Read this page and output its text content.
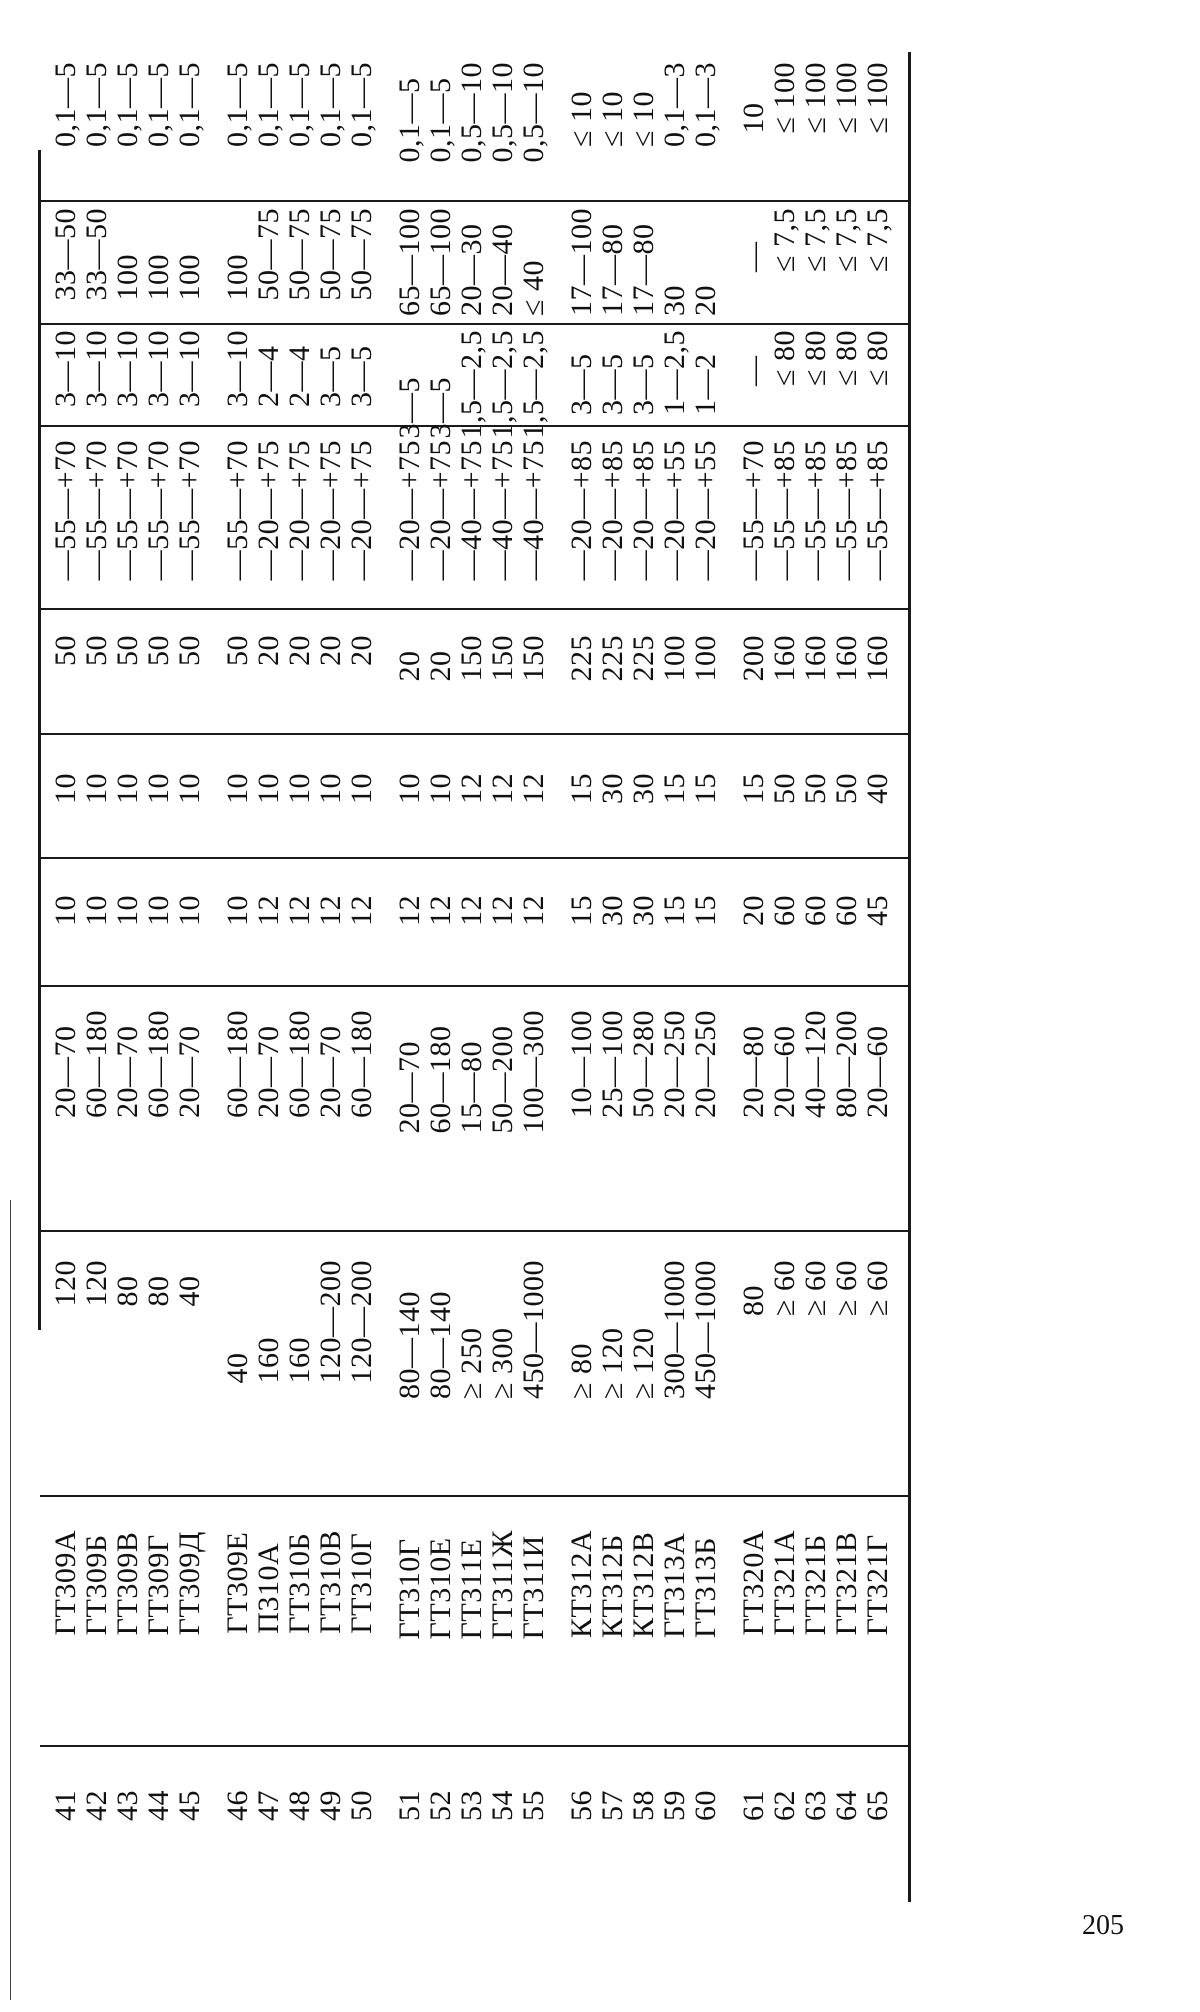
0,1—5
0,1—5
0,1—5
0,1—5
0,1—5 0,1—5
0,1—5
0,1—5
0,1—5
0,1—5 0,1—5
0,1—5
0,5—10
0,5—10
0,5—10 ≤ 10
≤ 10
≤ 10
0,1—3
0,1—3 10
≤ 100
≤ 100
≤ 100
≤ 100
33—50
33—50
100
100
100 100
50—75
50—75
50—75
50—75 65—100
65—100
20—30
20—40
≤ 40 17—100
17—80
17—80
30
20
—
≤ 7,5
≤ 7,5
≤ 7,5
≤ 7,5
3—10
3—10
3—10
3—10
3—10 3—10
2—4
2—4
3—5
3—5
3—5
3—5
1,5—2,5
1,5—2,5
1,5—2,5 3—5
3—5
3—5
1—2,5
1—2 —
≤ 80
≤ 80
≤ 80
≤ 80
—55—+70
—55—+70
—55—+70
—55—+70
—55—+70 —55—+70
—20—+75
—20—+75
—20—+75
—20—+75 —20—+75
—20—+75
—40—+75
—40—+75
—40—+75 —20—+85
—20—+85
—20—+85
—20—+55
—20—+55 —55—+70
—55—+85
—55—+85
—55—+85
—55—+85
50
50
50
50
50 50
20
20
20
20 20
20
150
150
150 225
225
225
100
100 200
160
160
160
160
10
10
10
10
10 10
10
10
10
10 10
10
12
12
12 15
30
30
15
15 15
50
50
50
40
10
10
10
10
10 10
12
12
12
12 12
12
12
12
12 15
30
30
15
15 20
60
60
60
45
20—70
60—180
20—70
60—180
20—70 60—180
20—70
60—180
20—70
60—180 20—70
60—180
15—80
50—200
100—300 10—100
25—100
50—280
20—250
20—250 20—80
20—60
40—120
80—200
20—60
120
120
80
80
40
40
160
160
120—200
120—200 80—140
80—140
≥ 250
≥ 300
450—1000 ≥ 80
≥ 120
≥ 120
300—1000
450—1000 80
≥ 60
≥ 60
≥ 60
≥ 60
ГТ309А
ГТ309Б
ГТ309В
ГТ309Г
ГТ309Д ГТ309Е
П310А
ГТ310Б
ГТ310В
ГТ310Г ГТ310Г
ГТ310Е
ГТ311Е
ГТ311Ж
ГТ311И КТ312А
КТ312Б
КТ312В
ГТ313А
ГТ313Б ГТ320А
ГТ321А
ГТ321Б
ГТ321В
ГТ321Г
41
42
43
44
45 46
47
48
49
50 51
52
53
54
55 56
57
58
59
60 61
62
63
64
65
205
